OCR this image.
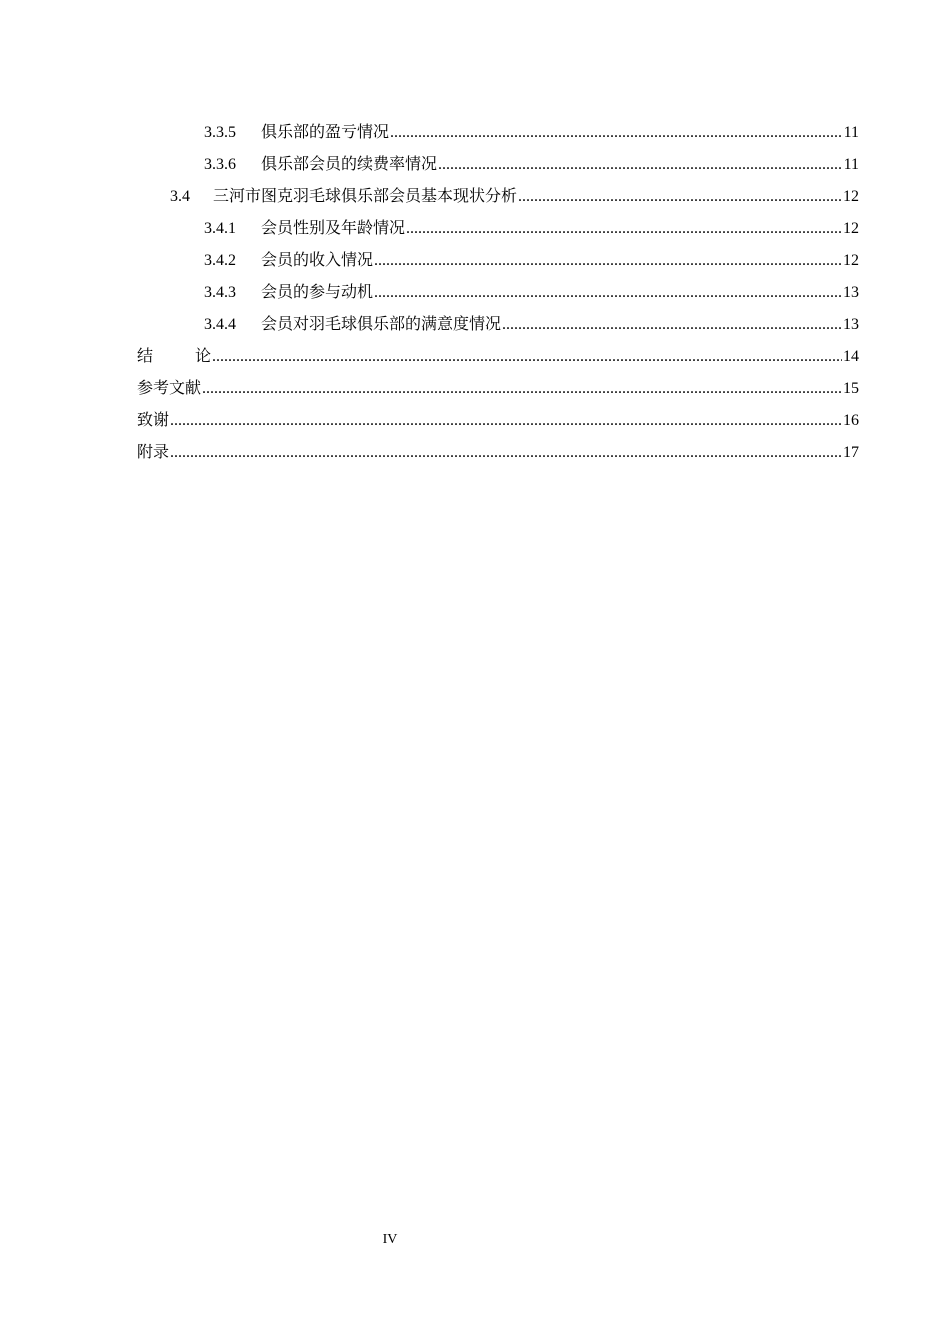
3.3.5	俱乐部的盈亏情况 .....	11
3.3.6	俱乐部会员的续费率情况 .....	11
3.4	三河市图克羽毛球俱乐部会员基本现状分析 .....	12
3.4.1	会员性别及年龄情况 .....	12
3.4.2	会员的收入情况 .....	12
3.4.3	会员的参与动机 .....	13
3.4.4	会员对羽毛球俱乐部的满意度情况 .....	13
结论 .....	14
参考文献 .....	15
致谢 .....	16
附录 .....	17
IV
